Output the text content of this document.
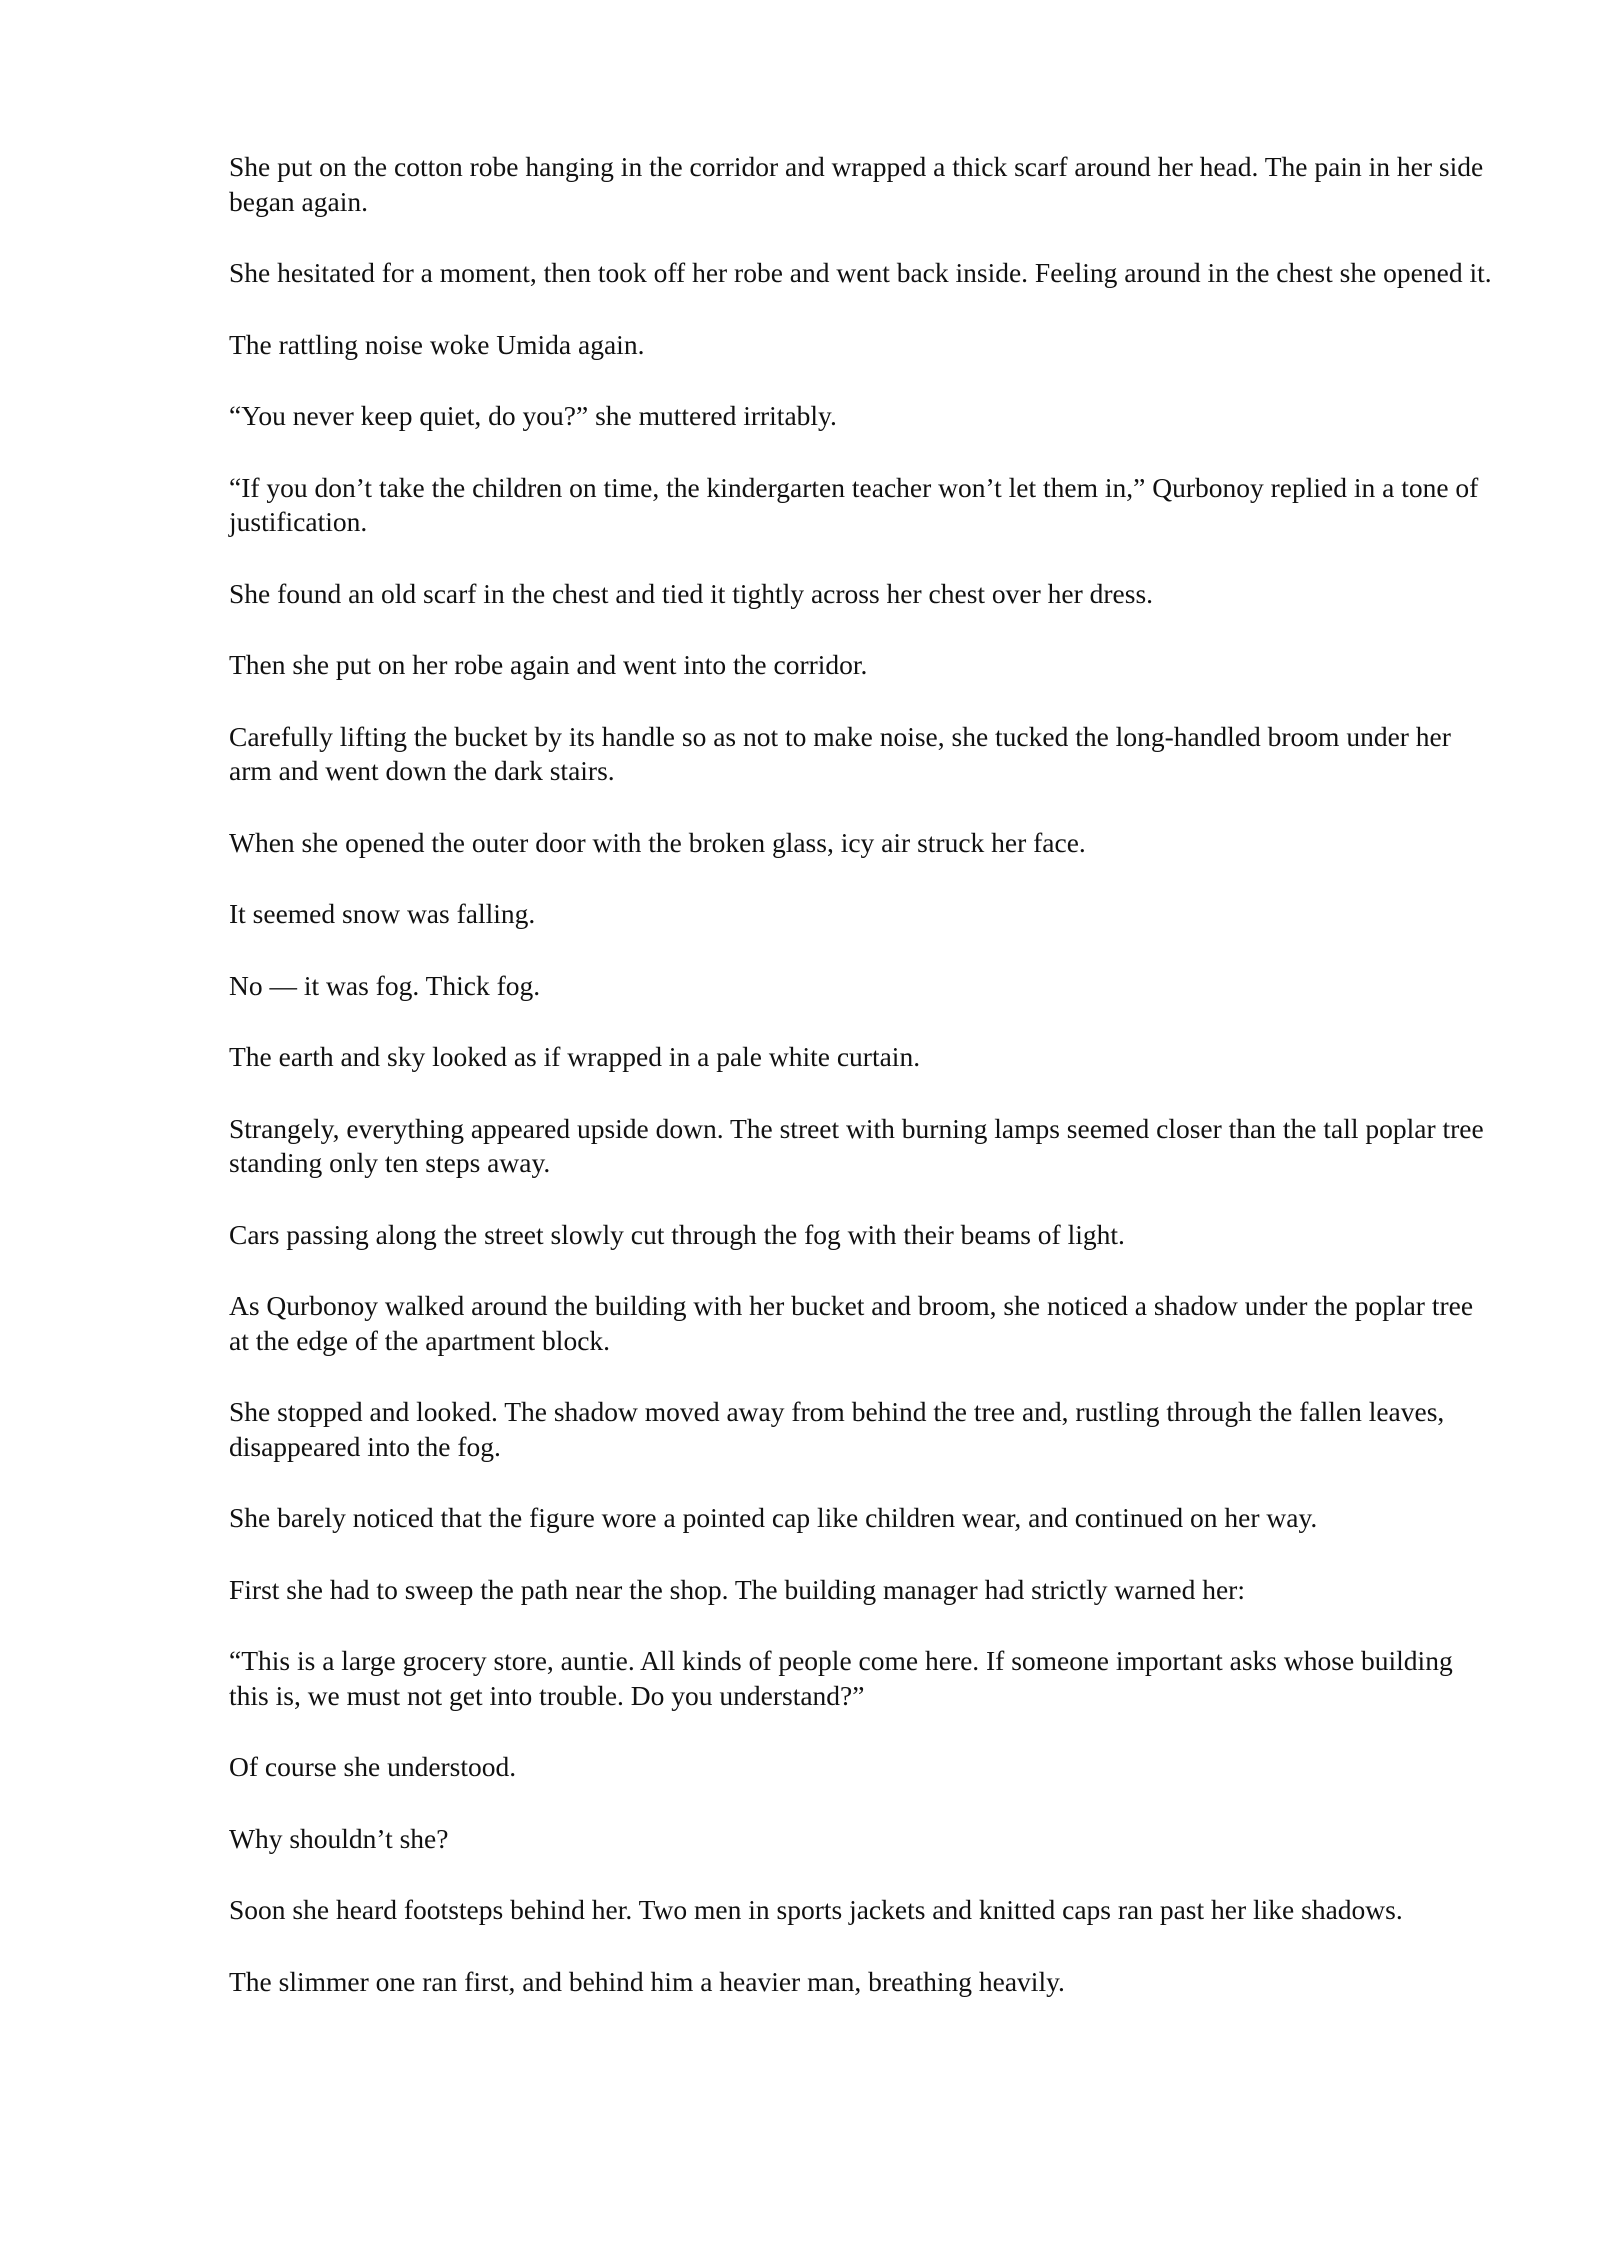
She put on the cotton robe hanging in the corridor and wrapped a thick scarf around her head. The pain in her side began again.

She hesitated for a moment, then took off her robe and went back inside. Feeling around in the chest she opened it.

The rattling noise woke Umida again.

“You never keep quiet, do you?” she muttered irritably.

“If you don’t take the children on time, the kindergarten teacher won’t let them in,” Qurbonoy replied in a tone of justification.

She found an old scarf in the chest and tied it tightly across her chest over her dress.

Then she put on her robe again and went into the corridor.

Carefully lifting the bucket by its handle so as not to make noise, she tucked the long-handled broom under her arm and went down the dark stairs.

When she opened the outer door with the broken glass, icy air struck her face.

It seemed snow was falling.

No — it was fog. Thick fog.

The earth and sky looked as if wrapped in a pale white curtain.

Strangely, everything appeared upside down. The street with burning lamps seemed closer than the tall poplar tree standing only ten steps away.

Cars passing along the street slowly cut through the fog with their beams of light.

As Qurbonoy walked around the building with her bucket and broom, she noticed a shadow under the poplar tree at the edge of the apartment block.

She stopped and looked. The shadow moved away from behind the tree and, rustling through the fallen leaves, disappeared into the fog.

She barely noticed that the figure wore a pointed cap like children wear, and continued on her way.

First she had to sweep the path near the shop. The building manager had strictly warned her:

“This is a large grocery store, auntie. All kinds of people come here. If someone important asks whose building this is, we must not get into trouble. Do you understand?”

Of course she understood.

Why shouldn’t she?

Soon she heard footsteps behind her. Two men in sports jackets and knitted caps ran past her like shadows.

The slimmer one ran first, and behind him a heavier man, breathing heavily.
